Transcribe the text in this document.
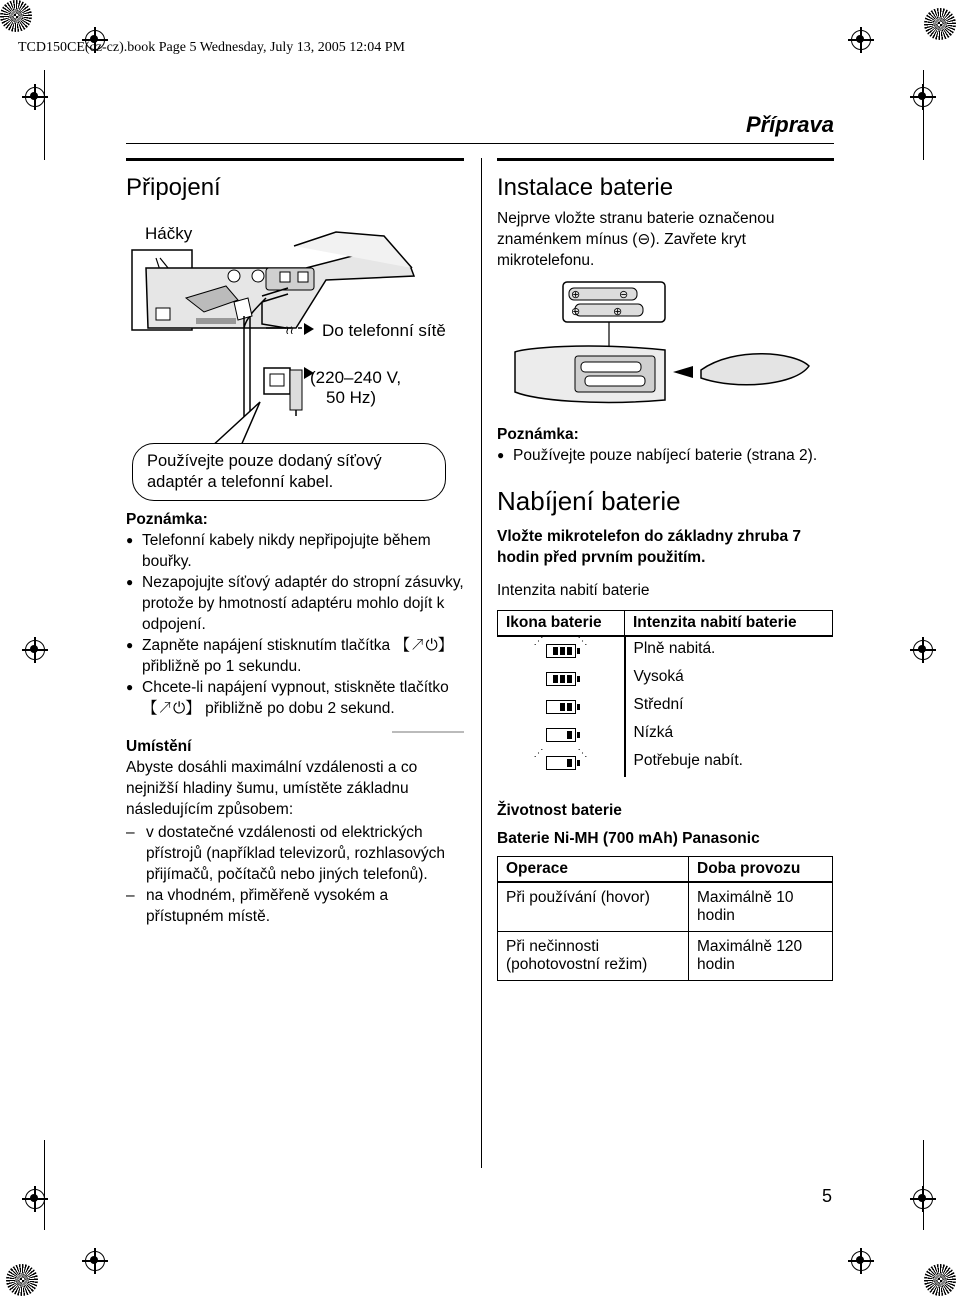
TCD150CE(cz-cz).book Page 5 Wednesday, July 13, 2005 12:04 PM
Příprava
Připojení
Háčky
≀≀ Do telefonní sítě
(220–240 V,
50 Hz)
Používejte pouze dodaný síťový adaptér a telefonní kabel.
Poznámka:
● Telefonní kabely nikdy nepřipojujte během bouřky.
● Nezapojujte síťový adaptér do stropní zásuvky, protože by hmotností adaptéru mohlo dojít k odpojení.
● Zapněte napájení stisknutím tlačítka 【↗⏻】 přibližně po 1 sekundu.
● Chcete-li napájení vypnout, stiskněte tlačítko 【↗⏻】 přibližně po dobu 2 sekund.
Umístění
Abyste dosáhli maximální vzdálenosti a co nejnižší hladiny šumu, umístěte základnu následujícím způsobem:
– v dostatečné vzdálenosti od elektrických přístrojů (například televizorů, rozhlasových přijímačů, počítačů nebo jiných telefonů).
– na vhodném, přiměřeně vysokém a přístupném místě.
Instalace baterie
Nejprve vložte stranu baterie označenou znaménkem mínus (⊖). Zavřete kryt mikrotelefonu.
⊕	⊖
⊖	⊕
Poznámka:
● Používejte pouze nabíjecí baterie (strana 2).
Nabíjení baterie
Vložte mikrotelefon do základny zhruba 7 hodin před prvním použitím.
Intenzita nabití baterie
Ikona baterie	Intenzita nabití baterie

⋰ ⋱	Plně nabitá.

	Vysoká

	Střední

	Nízká

⋰ ⋱	Potřebuje nabít.
Životnost baterie
Baterie Ni-MH (700 mAh) Panasonic
Operace	Doba provozu
Při používání (hovor)	Maximálně 10 hodin
Při nečinnosti (pohotovostní režim)	Maximálně 120 hodin
5
